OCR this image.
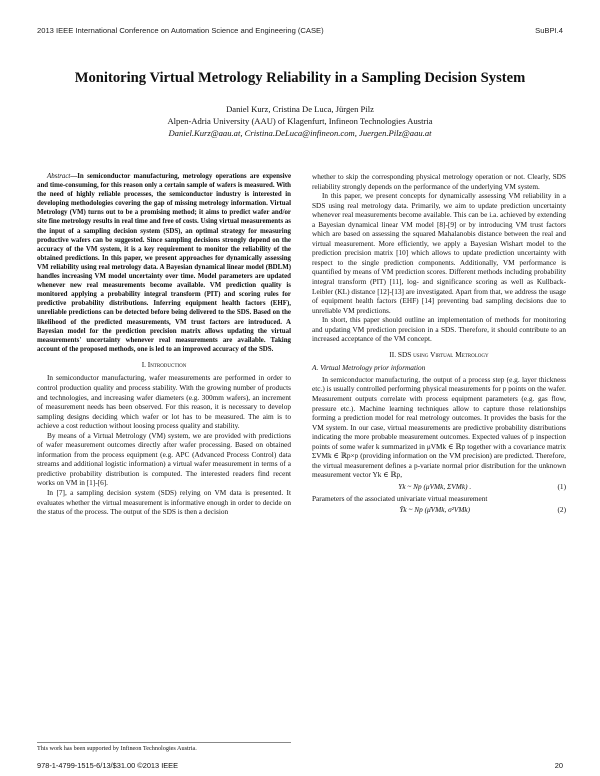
2013 IEEE International Conference on Automation Science and Engineering (CASE)	SuBPI.4
Monitoring Virtual Metrology Reliability in a Sampling Decision System
Daniel Kurz, Cristina De Luca, Jürgen Pilz
Alpen-Adria University (AAU) of Klagenfurt, Infineon Technologies Austria
Daniel.Kurz@aau.at, Cristina.DeLuca@infineon.com, Juergen.Pilz@aau.at

Abstract—In semiconductor manufacturing, metrology operations are expensive and time-consuming, for this reason only a certain sample of wafers is measured. With the need of highly reliable processes, the semiconductor industry is interested in developing methodologies covering the gap of missing metrology information. Virtual Metrology (VM) turns out to be a promising method; it aims to predict wafer and/or site fine metrology results in real time and free of costs. Using virtual measurements as the input of a sampling decision system (SDS), an optimal strategy for measuring productive wafers can be suggested. Since sampling decisions strongly depend on the accuracy of the VM system, it is a key requirement to monitor the reliability of the obtained predictions. In this paper, we present approaches for dynamically assessing VM reliability using real metrology data. A Bayesian dynamical linear model (BDLM) handles increasing VM model uncertainty over time. Model parameters are updated whenever new real measurements become available. VM prediction quality is monitored applying a probability integral transform (PIT) and scoring rules for predictive probability distributions. Inferring equipment health factors (EHF), unreliable predictions can be detected before being delivered to the SDS. Based on the likelihood of the predicted measurements, VM trust factors are introduced. A Bayesian model for the prediction precision matrix allows updating the virtual measurements' uncertainty whenever real measurements are available. Taking account of the proposed methods, one is led to an improved accuracy of the SDS.

I. Introduction

In semiconductor manufacturing, wafer measurements are performed in order to control production quality and process stability. With the growing number of products and technologies, and increasing wafer diameters (e.g. 300mm wafers), an increment of measurement needs has been observed. For this reason, it is necessary to develop sampling designs deciding which wafer or lot has to be measured. The aim is to achieve a cost reduction without loosing process quality and stability.

By means of a Virtual Metrology (VM) system, we are provided with predictions of wafer measurement outcomes directly after wafer processing. Based on obtained information from the process equipment (e.g. APC (Advanced Process Control) data streams and additional logistic information) a virtual wafer measurement in terms of a predictive probability distribution is computed. The interested readers find recent works on VM in [1]-[6].

In [7], a sampling decision system (SDS) relying on VM data is presented. It evaluates whether the virtual measurement is informative enough in order to decide on the status of the process. The output of the SDS is then a decision

whether to skip the corresponding physical metrology operation or not. Clearly, SDS reliability strongly depends on the performance of the underlying VM system.

In this paper, we present concepts for dynamically assessing VM reliability in a SDS using real metrology data. Primarily, we aim to update prediction uncertainty whenever real measurements become available. This can be i.a. achieved by extending a Bayesian dynamical linear VM model [8]-[9] or by introducing VM trust factors which are based on assessing the squared Mahalanobis distance between the real and virtual measurement. More efficiently, we apply a Bayesian Wishart model to the prediction precision matrix [10] which allows to update prediction uncertainty with respect to the single prediction components. Additionally, VM performance is quantified by means of VM prediction scores. Different methods including probability integral transform (PIT) [11], log- and significance scoring as well as Kullback-Leibler (KL) distance [12]-[13] are investigated. Apart from that, we address the usage of equipment health factors (EHF) [14] preventing bad sampling decisions due to unreliable VM predictions.

In short, this paper should outline an implementation of methods for monitoring and updating VM prediction precision in a SDS. Therefore, it should contribute to an increased acceptance of the VM concept.

II. SDS using Virtual Metrology
A. Virtual Metrology prior information

In semiconductor manufacturing, the output of a process step (e.g. layer thickness etc.) is usually controlled performing physical measurements for p points on the wafer. Measurement outputs correlate with process equipment parameters (e.g. gas flow, pressure etc.). Machine learning techniques allow to capture those relationships forming a prediction model for real metrology outcomes. It provides the basis for the VM system. In our case, virtual measurements are predictive probability distributions indicating the more probable measurement outcomes. Expected values of p inspection points of some wafer k summarized in μVMk ∈ ℝp together with a covariance matrix ΣVMk ∈ ℝp×p (providing information on the VM precision) are predicted. Therefore, the virtual measurement defines a p-variate normal prior distribution for the unknown measurement vector Yk ∈ ℝp,

Yk ~ Np (μVMk, ΣVMk) .	(1)

Parameters of the associated univariate virtual measurement

Ȳk ~ Np (μ̄VMk, σ²VMk)	(2)
This work has been supported by Infineon Technologies Austria.
978-1-4799-1515-6/13/$31.00 ©2013 IEEE	20
